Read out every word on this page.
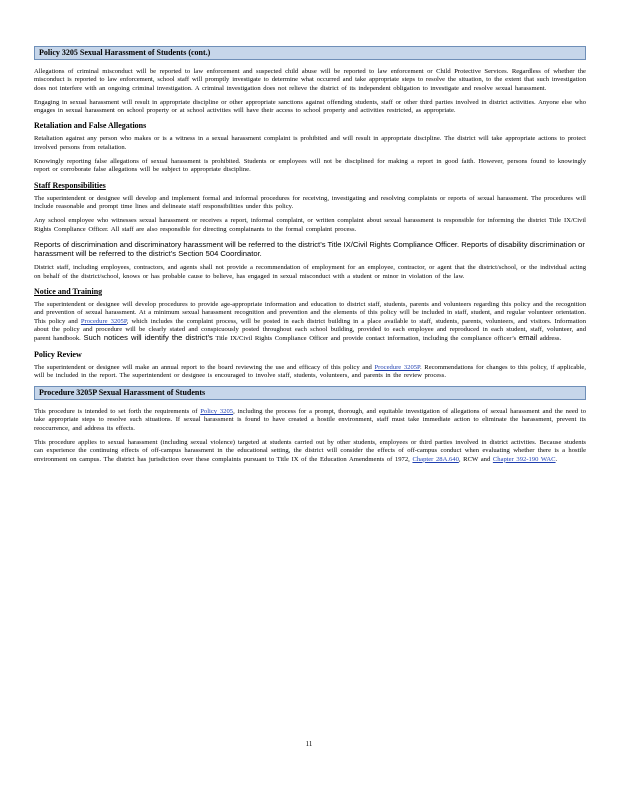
Policy 3205 Sexual Harassment of Students (cont.)

Allegations of criminal misconduct will be reported to law enforcement and suspected child abuse will be reported to law enforcement or Child Protective Services. Regardless of whether the misconduct is reported to law enforcement, school staff will promptly investigate to determine what occurred and take appropriate steps to resolve the situation, to the extent that such investigation does not interfere with an ongoing criminal investigation. A criminal investigation does not relieve the district of its independent obligation to investigate and resolve sexual harassment.

Engaging in sexual harassment will result in appropriate discipline or other appropriate sanctions against offending students, staff or other third parties involved in district activities. Anyone else who engages in sexual harassment on school property or at school activities will have their access to school property and activities restricted, as appropriate.

Retaliation and False Allegations

Retaliation against any person who makes or is a witness in a sexual harassment complaint is prohibited and will result in appropriate discipline. The district will take appropriate actions to protect involved persons from retaliation.

Knowingly reporting false allegations of sexual harassment is prohibited. Students or employees will not be disciplined for making a report in good faith. However, persons found to knowingly report or corroborate false allegations will be subject to appropriate discipline.

Staff Responsibilities

The superintendent or designee will develop and implement formal and informal procedures for receiving, investigating and resolving complaints or reports of sexual harassment. The procedures will include reasonable and prompt time lines and delineate staff responsibilities under this policy.

Any school employee who witnesses sexual harassment or receives a report, informal complaint, or written complaint about sexual harassment is responsible for informing the district Title IX/Civil Rights Compliance Officer. All staff are also responsible for directing complainants to the formal complaint process.

Reports of discrimination and discriminatory harassment will be referred to the district’s Title IX/Civil Rights Compliance Officer. Reports of disability discrimination or harassment will be referred to the district’s Section 504 Coordinator.

District staff, including employees, contractors, and agents shall not provide a recommendation of employment for an employee, contractor, or agent that the district/school, or the individual acting on behalf of the district/school, knows or has probable cause to believe, has engaged in sexual misconduct with a student or minor in violation of the law.

Notice and Training

The superintendent or designee will develop procedures to provide age-appropriate information and education to district staff, students, parents and volunteers regarding this policy and the recognition and prevention of sexual harassment. At a minimum sexual harassment recognition and prevention and the elements of this policy will be included in staff, student, and regular volunteer orientation. This policy and Procedure 3205P, which includes the complaint process, will be posted in each district building in a place available to staff, students, parents, volunteers, and visitors. Information about the policy and procedure will be clearly stated and conspicuously posted throughout each school building, provided to each employee and reproduced in each student, staff, volunteer, and parent handbook. Such notices will identify the district’s Title IX/Civil Rights Compliance Officer and provide contact information, including the compliance officer’s email address.

Policy Review

The superintendent or designee will make an annual report to the board reviewing the use and efficacy of this policy and Procedure 3205P. Recommendations for changes to this policy, if applicable, will be included in the report. The superintendent or designee is encouraged to involve staff, students, volunteers, and parents in the review process.

Procedure 3205P Sexual Harassment of Students

This procedure is intended to set forth the requirements of Policy 3205, including the process for a prompt, thorough, and equitable investigation of allegations of sexual harassment and the need to take appropriate steps to resolve such situations. If sexual harassment is found to have created a hostile environment, staff must take immediate action to eliminate the harassment, prevent its reoccurrence, and address its effects.

This procedure applies to sexual harassment (including sexual violence) targeted at students carried out by other students, employees or third parties involved in district activities. Because students can experience the continuing effects of off-campus harassment in the educational setting, the district will consider the effects of off-campus conduct when evaluating whether there is a hostile environment on campus. The district has jurisdiction over these complaints pursuant to Title IX of the Education Amendments of 1972, Chapter 28A.640, RCW and Chapter 392-190 WAC.

11
